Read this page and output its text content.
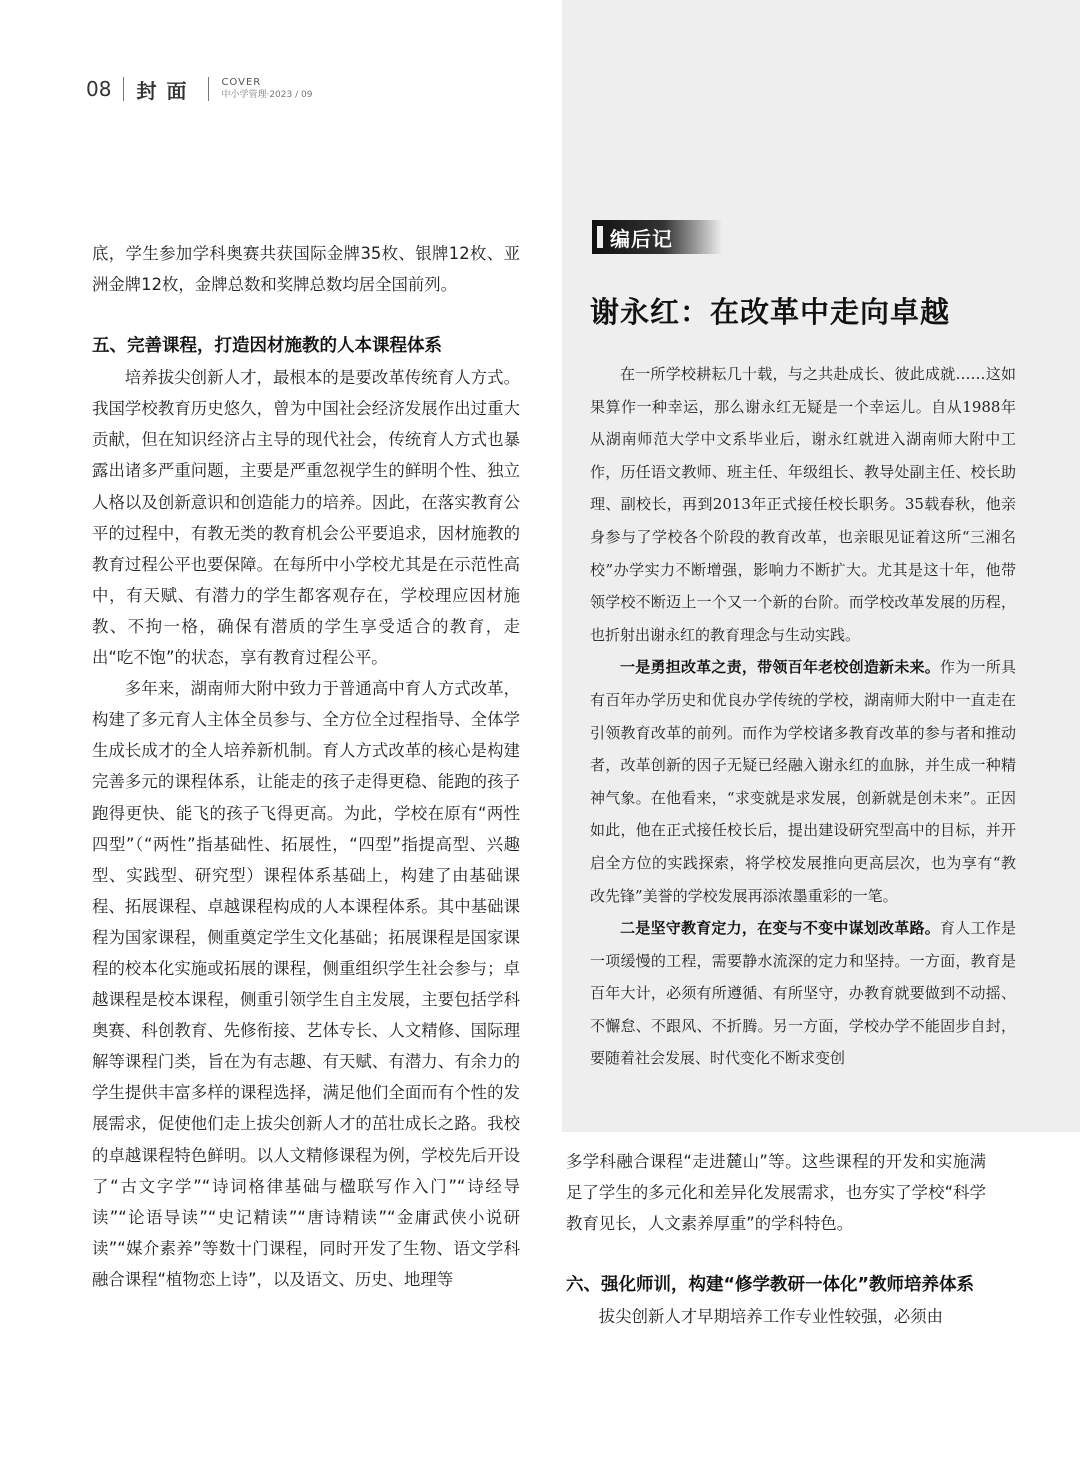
08 封面	COVER
中小学管理·2023 / 09

底，学生参加学科奥赛共获国际金牌35枚、银牌12枚、亚洲金牌12枚，金牌总数和奖牌总数均居全国前列。

五、完善课程，打造因材施教的人本课程体系

培养拔尖创新人才，最根本的是要改革传统育人方式。我国学校教育历史悠久，曾为中国社会经济发展作出过重大贡献，但在知识经济占主导的现代社会，传统育人方式也暴露出诸多严重问题，主要是严重忽视学生的鲜明个性、独立人格以及创新意识和创造能力的培养。因此，在落实教育公平的过程中，有教无类的教育机会公平要追求，因材施教的教育过程公平也要保障。在每所中小学校尤其是在示范性高中，有天赋、有潜力的学生都客观存在，学校理应因材施教、不拘一格，确保有潜质的学生享受适合的教育，走出“吃不饱”的状态，享有教育过程公平。

多年来，湖南师大附中致力于普通高中育人方式改革，构建了多元育人主体全员参与、全方位全过程指导、全体学生成长成才的全人培养新机制。育人方式改革的核心是构建完善多元的课程体系，让能走的孩子走得更稳、能跑的孩子跑得更快、能飞的孩子飞得更高。为此，学校在原有“两性四型”（“两性”指基础性、拓展性，“四型”指提高型、兴趣型、实践型、研究型）课程体系基础上，构建了由基础课程、拓展课程、卓越课程构成的人本课程体系。其中基础课程为国家课程，侧重奠定学生文化基础；拓展课程是国家课程的校本化实施或拓展的课程，侧重组织学生社会参与；卓越课程是校本课程，侧重引领学生自主发展，主要包括学科奥赛、科创教育、先修衔接、艺体专长、人文精修、国际理解等课程门类，旨在为有志趣、有天赋、有潜力、有余力的学生提供丰富多样的课程选择，满足他们全面而有个性的发展需求，促使他们走上拔尖创新人才的茁壮成长之路。我校的卓越课程特色鲜明。以人文精修课程为例，学校先后开设了“古文字学”“诗词格律基础与楹联写作入门”“诗经导读”“论语导读”“史记精读”“唐诗精读”“金庸武侠小说研读”“媒介素养”等数十门课程，同时开发了生物、语文学科融合课程“植物恋上诗”，以及语文、历史、地理等

编后记
谢永红：在改革中走向卓越

在一所学校耕耘几十载，与之共赴成长、彼此成就……这如果算作一种幸运，那么谢永红无疑是一个幸运儿。自从1988年从湖南师范大学中文系毕业后，谢永红就进入湖南师大附中工作，历任语文教师、班主任、年级组长、教导处副主任、校长助理、副校长，再到2013年正式接任校长职务。35载春秋，他亲身参与了学校各个阶段的教育改革，也亲眼见证着这所“三湘名校”办学实力不断增强，影响力不断扩大。尤其是这十年，他带领学校不断迈上一个又一个新的台阶。而学校改革发展的历程，也折射出谢永红的教育理念与生动实践。

一是勇担改革之责，带领百年老校创造新未来。作为一所具有百年办学历史和优良办学传统的学校，湖南师大附中一直走在引领教育改革的前列。而作为学校诸多教育改革的参与者和推动者，改革创新的因子无疑已经融入谢永红的血脉，并生成一种精神气象。在他看来，“求变就是求发展，创新就是创未来”。正因如此，他在正式接任校长后，提出建设研究型高中的目标，并开启全方位的实践探索，将学校发展推向更高层次，也为享有“教改先锋”美誉的学校发展再添浓墨重彩的一笔。

二是坚守教育定力，在变与不变中谋划改革路。育人工作是一项缓慢的工程，需要静水流深的定力和坚持。一方面，教育是百年大计，必须有所遵循、有所坚守，办教育就要做到不动摇、不懈怠、不跟风、不折腾。另一方面，学校办学不能固步自封，要随着社会发展、时代变化不断求变创

多学科融合课程“走进麓山”等。这些课程的开发和实施满足了学生的多元化和差异化发展需求，也夯实了学校“科学教育见长，人文素养厚重”的学科特色。

六、强化师训，构建“修学教研一体化”教师培养体系

拔尖创新人才早期培养工作专业性较强，必须由
